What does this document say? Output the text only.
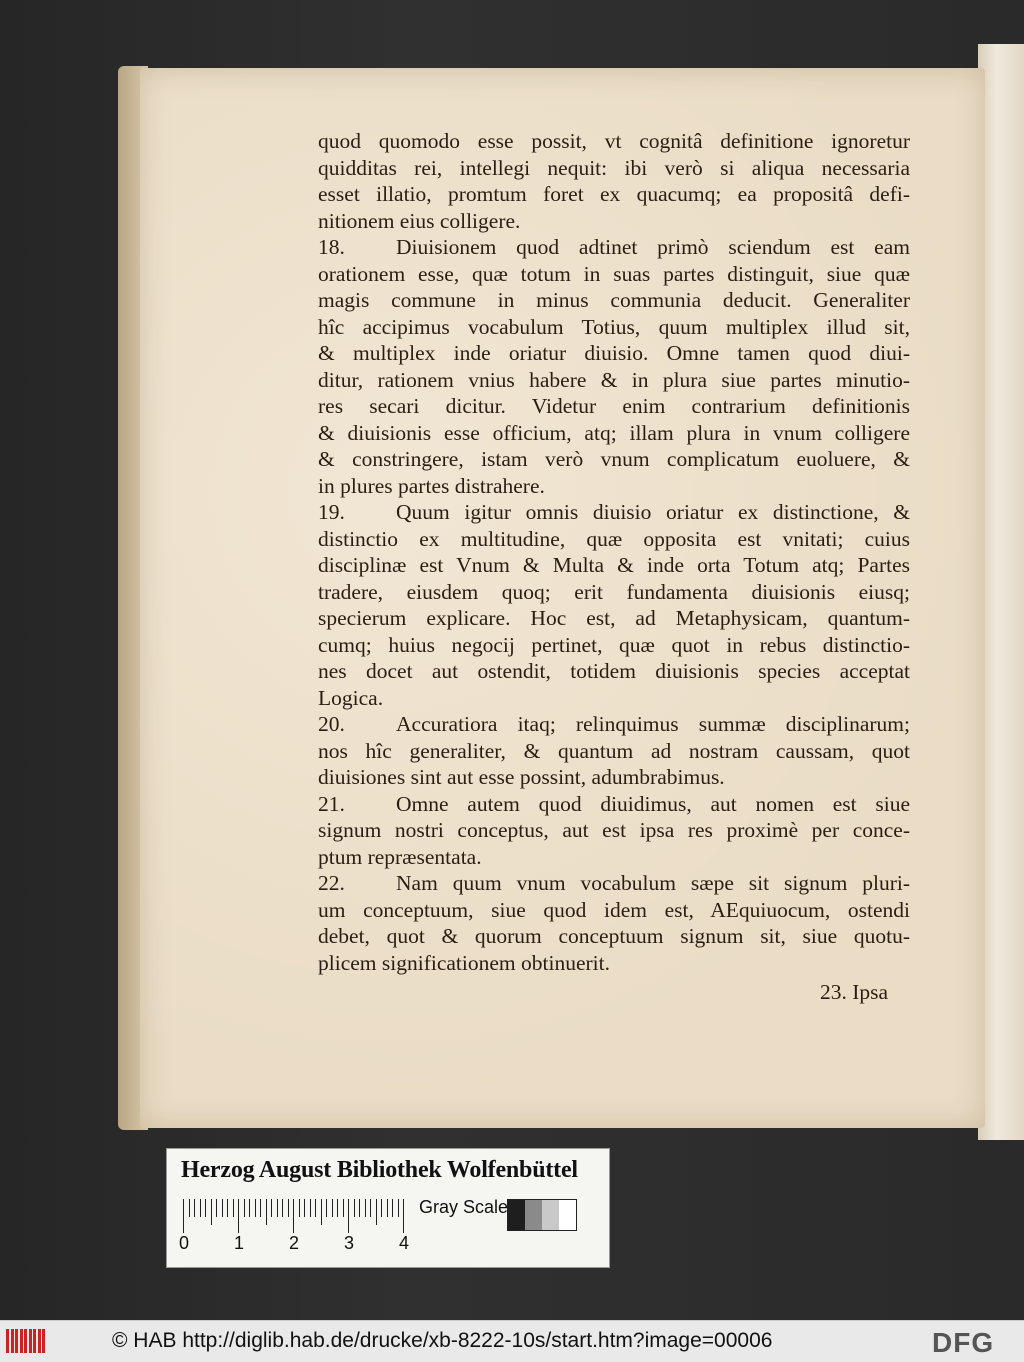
quod quomodo esse possit, vt cognitâ definitione ignoretur
quidditas rei, intellegi nequit: ibi verò si aliqua necessaria
esset illatio, promtum foret ex quacumq; ea propositâ defi-
nitionem eius colligere.
18. Diuisionem quod adtinet primò sciendum est eam
orationem esse, quæ totum in suas partes distinguit, siue quæ
magis commune in minus communia deducit. Generaliter
hîc accipimus vocabulum Totius, quum multiplex illud sit,
& multiplex inde oriatur diuisio. Omne tamen quod diui-
ditur, rationem vnius habere & in plura siue partes minutio-
res secari dicitur. Videtur enim contrarium definitionis
& diuisionis esse officium, atq; illam plura in vnum colligere
& constringere, istam verò vnum complicatum euoluere, &
in plures partes distrahere.
19. Quum igitur omnis diuisio oriatur ex distinctione, &
distinctio ex multitudine, quæ opposita est vnitati; cuius
disciplinæ est Vnum & Multa & inde orta Totum atq; Partes
tradere, eiusdem quoq; erit fundamenta diuisionis eiusq;
specierum explicare. Hoc est, ad Metaphysicam, quantum-
cumq; huius negocij pertinet, quæ quot in rebus distinctio-
nes docet aut ostendit, totidem diuisionis species acceptat
Logica.
20. Accuratiora itaq; relinquimus summæ disciplinarum;
nos hîc generaliter, & quantum ad nostram caussam, quot
diuisiones sint aut esse possint, adumbrabimus.
21. Omne autem quod diuidimus, aut nomen est siue
signum nostri conceptus, aut est ipsa res proximè per conce-
ptum repræsentata.
22. Nam quum vnum vocabulum sæpe sit signum pluri-
um conceptuum, siue quod idem est, AEquiuocum, ostendi
debet, quot & quorum conceptuum signum sit, siue quotu-
plicem significationem obtinuerit.
23. Ipsa
Herzog August Bibliothek Wolfenbüttel
0 1 2 3 4
Gray Scale
© HAB http://diglib.hab.de/drucke/xb-8222-10s/start.htm?image=00006	DFG
